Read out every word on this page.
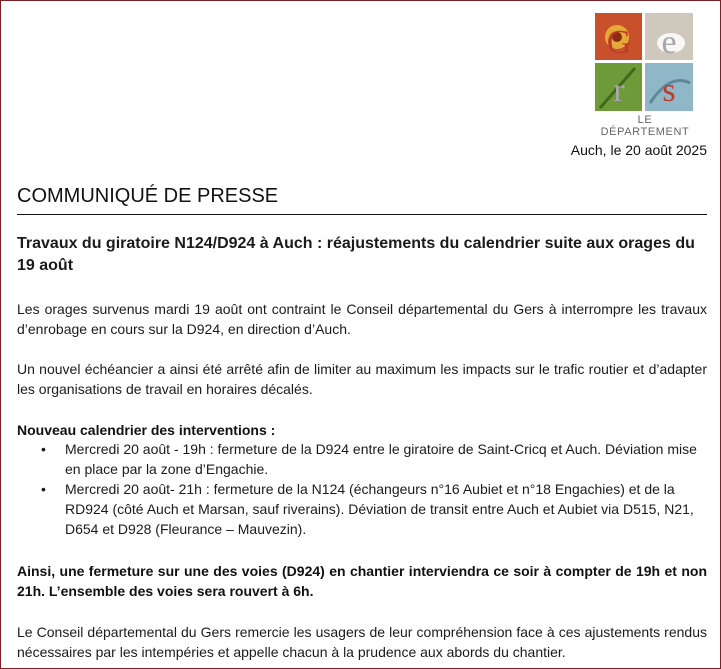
G e
r s
LE DÉPARTEMENT
Auch, le 20 août 2025
COMMUNIQUÉ DE PRESSE
Travaux du giratoire N124/D924 à Auch : réajustements du calendrier suite aux orages du 19 août
Les orages survenus mardi 19 août ont contraint le Conseil départemental du Gers à interrompre les travaux d’enrobage en cours sur la D924, en direction d’Auch.
Un nouvel échéancier a ainsi été arrêté afin de limiter au maximum les impacts sur le trafic routier et d’adapter les organisations de travail en horaires décalés.
Nouveau calendrier des interventions :
• Mercredi 20 août - 19h : fermeture de la D924 entre le giratoire de Saint-Cricq et Auch. Déviation mise en place par la zone d’Engachie.
• Mercredi 20 août- 21h : fermeture de la N124 (échangeurs n°16 Aubiet et n°18 Engachies) et de la RD924 (côté Auch et Marsan, sauf riverains). Déviation de transit entre Auch et Aubiet via D515, N21, D654 et D928 (Fleurance – Mauvezin).
Ainsi, une fermeture sur une des voies (D924) en chantier interviendra ce soir à compter de 19h et non 21h. L’ensemble des voies sera rouvert à 6h.
Le Conseil départemental du Gers remercie les usagers de leur compréhension face à ces ajustements rendus nécessaires par les intempéries et appelle chacun à la prudence aux abords du chantier.
